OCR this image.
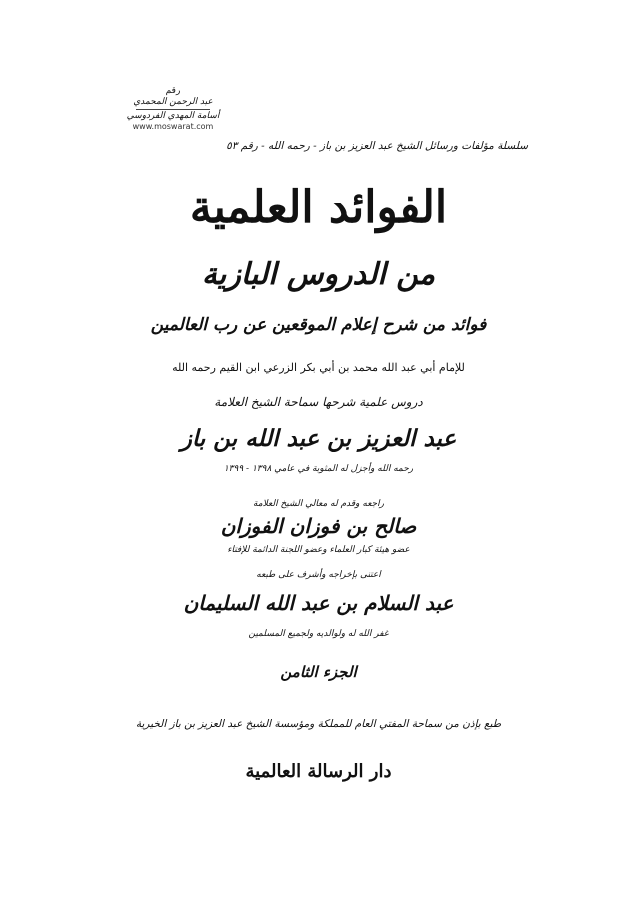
رقم
عبد الرحمن المحمدي
أسامة المهدي الفردوسي
www.moswarat.com
سلسلة مؤلفات ورسائل الشيخ عبد العزيز بن باز - رحمه الله - رقم ٥٣
الفوائد العلمية
من الدروس البازية
فوائد من شرح إعلام الموقعين عن رب العالمين
للإمام أبي عبد الله محمد بن أبي بكر الزرعي ابن القيم رحمه الله
دروس علمية شرحها سماحة الشيخ العلامة
عبد العزيز بن عبد الله بن باز
رحمه الله وأجزل له المثوبة في عامي ١٣٩٨ - ١٣٩٩
راجعه وقدم له معالي الشيخ العلامة
صالح بن فوزان الفوزان
عضو هيئة كبار العلماء وعضو اللجنة الدائمة للإفتاء
اعتنى بإخراجه وأشرف على طبعه
عبد السلام بن عبد الله السليمان
غفر الله له ولوالديه ولجميع المسلمين
الجزء الثامن
طبع بإذن من سماحة المفتي العام للمملكة ومؤسسة الشيخ عبد العزيز بن باز الخيرية
دار الرسالة العالمية
